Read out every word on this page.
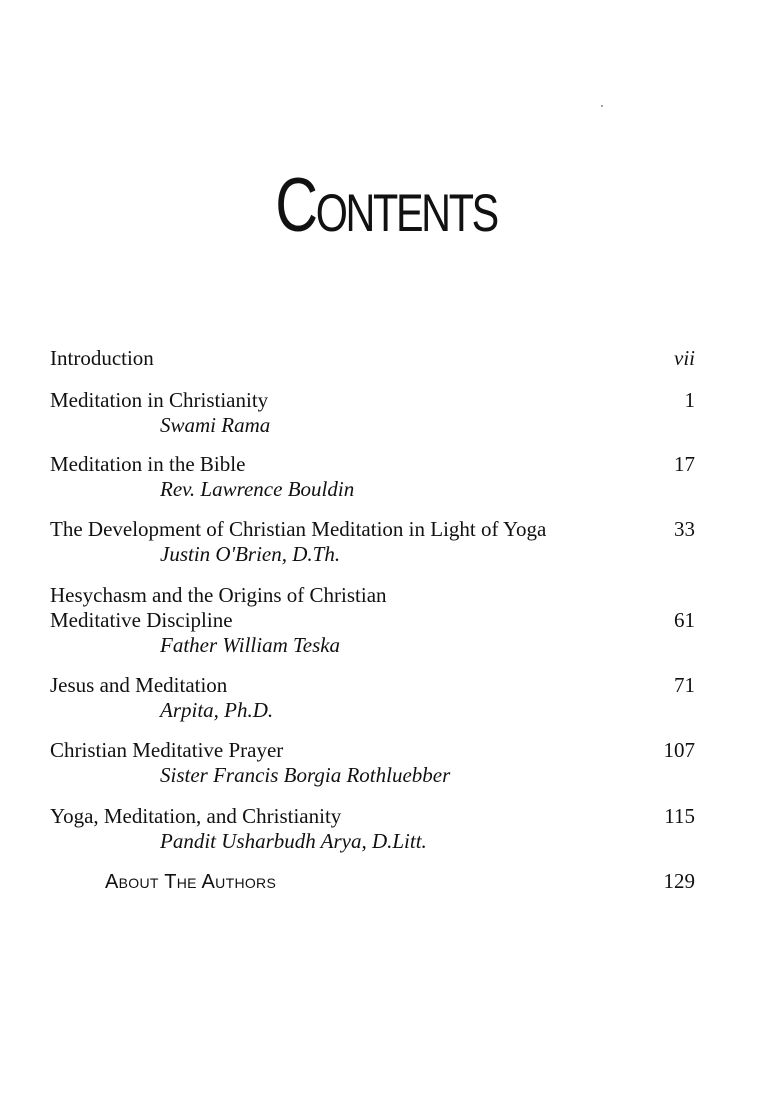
Contents
Introduction	vii
Meditation in Christianity	1
Swami Rama
Meditation in the Bible	17
Rev. Lawrence Bouldin
The Development of Christian Meditation in Light of Yoga	33
Justin O'Brien, D.Th.
Hesychasm and the Origins of Christian
Meditative Discipline	61
Father William Teska
Jesus and Meditation	71
Arpita, Ph.D.
Christian Meditative Prayer	107
Sister Francis Borgia Rothluebber
Yoga, Meditation, and Christianity	115
Pandit Usharbudh Arya, D.Litt.
About The Authors	129
